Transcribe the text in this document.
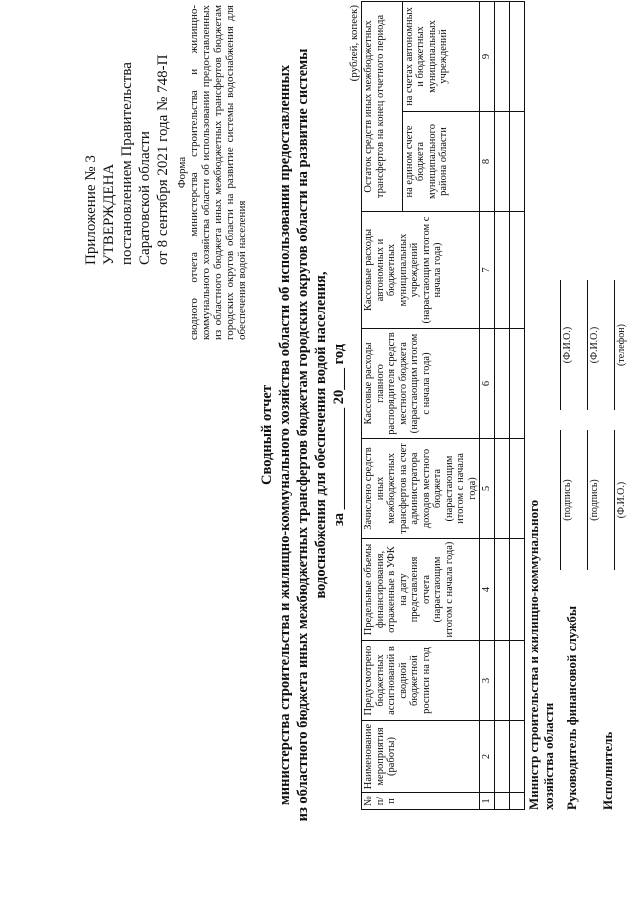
Приложение № 3 УТВЕРЖДЕНА постановлением Правительства Саратовской области от 8 сентября 2021 года № 748-П Форма сводного отчета министерства строительства и жилищно-коммунального хозяйства области об использовании предоставленных из областного бюджета иных межбюджетных трансфертов бюджетам городских округов области на развитие системы водоснабжения для обеспечения водой населения
Сводный отчет министерства строительства и жилищно-коммунального хозяйства области об использовании предоставленных из областного бюджета иных межбюджетных трансфертов бюджетам городских округов области на развитие системы водоснабжения для обеспечения водой населения, за ______________ 20___ год
(рублей, копеек)
№ п/п	Наименование мероприятия (работы)	Предусмотрено бюджетных ассигнований в сводной бюджетной росписи на год	Предельные объемы финансирования, отраженные в УФК на дату представления отчета (нарастающим итогом с начала года)	Зачислено средств иных межбюджетных трансфертов на счет администратора доходов местного бюджета (нарастающим итогом с начала года)	Кассовые расходы главного распорядителя средств местного бюджета (нарастающим итогом с начала года)	Кассовые расходы автономных и бюджетных муниципальных учреждений (нарастающим итогом с начала года)	Остаток средств иных межбюджетных трансфертов на конец отчетного периода	
							на едином счете бюджета муниципального района области	на счетах автономных и бюджетных муниципальных учреждений
1	2	3	4	5	6	7	8	9

Министр строительства и жилищно-коммунального хозяйства области
(подпись)
(Ф.И.О.)
Руководитель финансовой службы
(подпись)
(Ф.И.О.)
Исполнитель
(Ф.И.О.)
(телефон)
